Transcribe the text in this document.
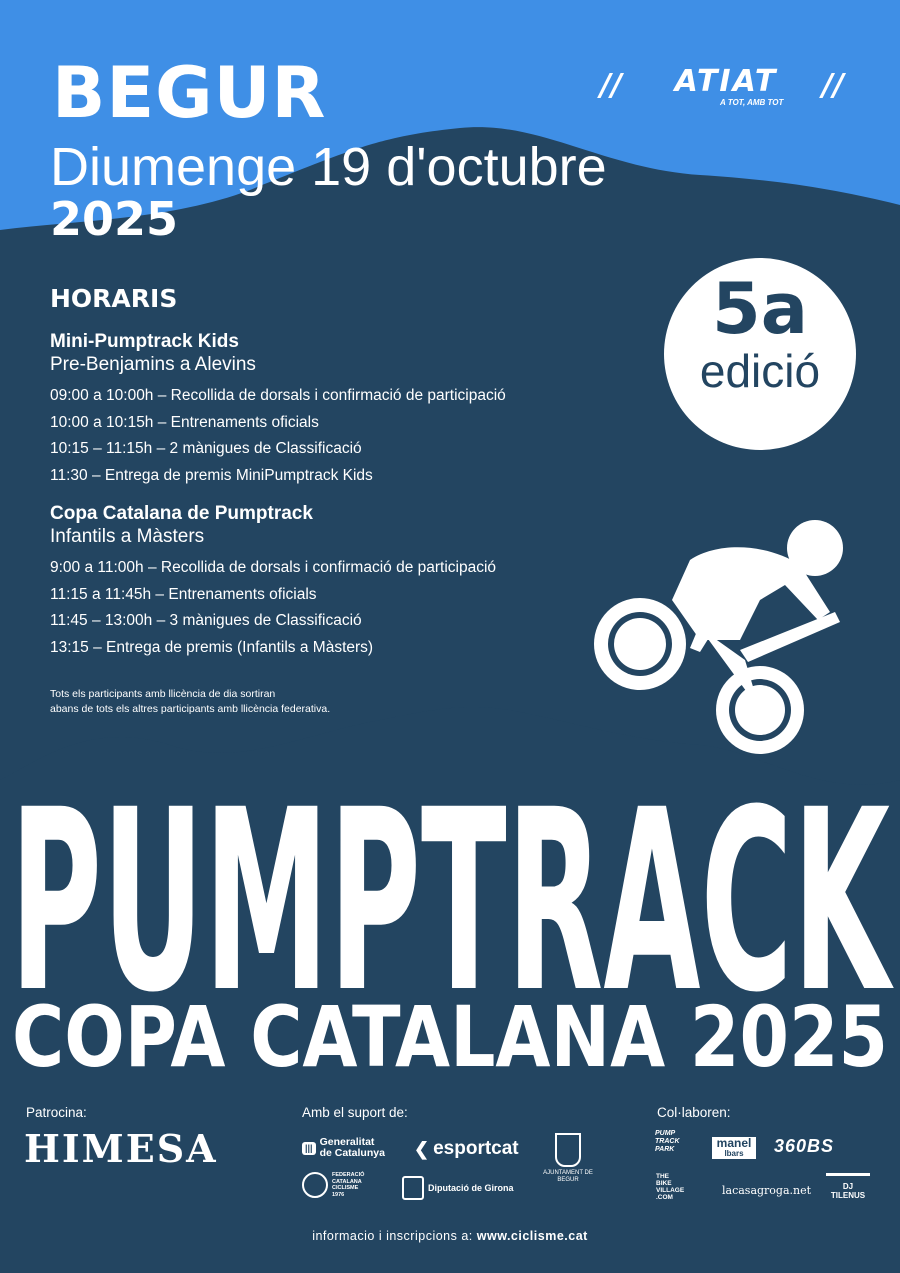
BEGUR
Diumenge 19 d'octubre
2025
//	ATIAT	//
A TOT, AMB TOT
5a
edició
HORARIS
Mini-Pumptrack Kids
Pre-Benjamins a Alevins
09:00 a 10:00h – Recollida de dorsals i confirmació de participació
10:00 a 10:15h – Entrenaments oficials
10:15 – 11:15h – 2 mànigues de Classificació
11:30 – Entrega de premis MiniPumptrack Kids
Copa Catalana de Pumptrack
Infantils a Màsters
9:00 a 11:00h – Recollida de dorsals i confirmació de participació
11:15 a 11:45h – Entrenaments oficials
11:45 – 13:00h – 3 mànigues de Classificació
13:15 – Entrega de premis (Infantils a Màsters)
Tots els participants amb llicència de dia sortiran
abans de tots els altres participants amb llicència federativa.
PUMPTRACK
COPA CATALANA 2025
Patrocina:
HIMESA
Amb el suport de:
||| Generalitat
de Catalunya ❮ esportcat
AJUNTAMENT DE
BEGUR
FEDERACIÓ
CATALANA
CICLISME
1976
Diputació de Girona
Col·laboren:
PUMP
TRACK
PARK	manel
lbars	360BS
THE
BIKE
VILLAGE
.COM
lacasagroga.net	DJ TILENUS
informacio i inscripcions a: www.ciclisme.cat
